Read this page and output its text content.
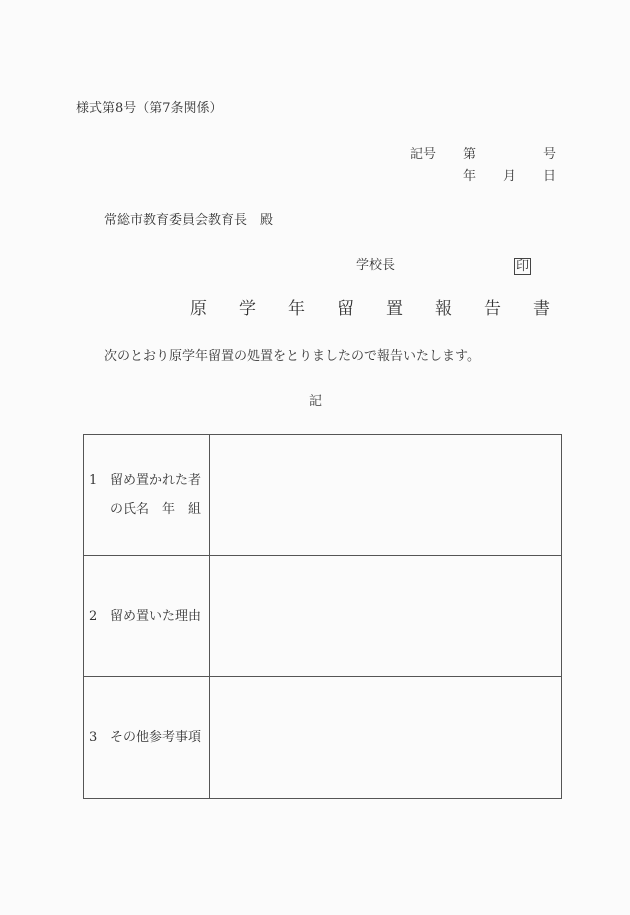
様式第8号（第7条関係）
記号 第	号
年 月 日
常総市教育委員会教育長　殿
学校長	印
原 学 年 留 置 報 告 書
次のとおり原学年留置の処置をとりましたので報告いたします。
記
1 留め置かれた者
の氏名　年　組	

2 留め置いた理由	

3 その他参考事項	
